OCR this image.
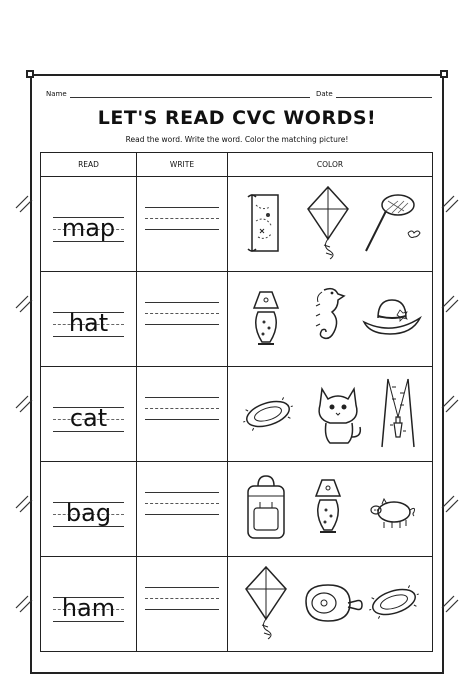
Name	Date
LET'S READ CVC WORDS!
Read the word. Write the word. Color the matching picture!
READ	WRITE	COLOR

map

hat

cat

bag

ham
